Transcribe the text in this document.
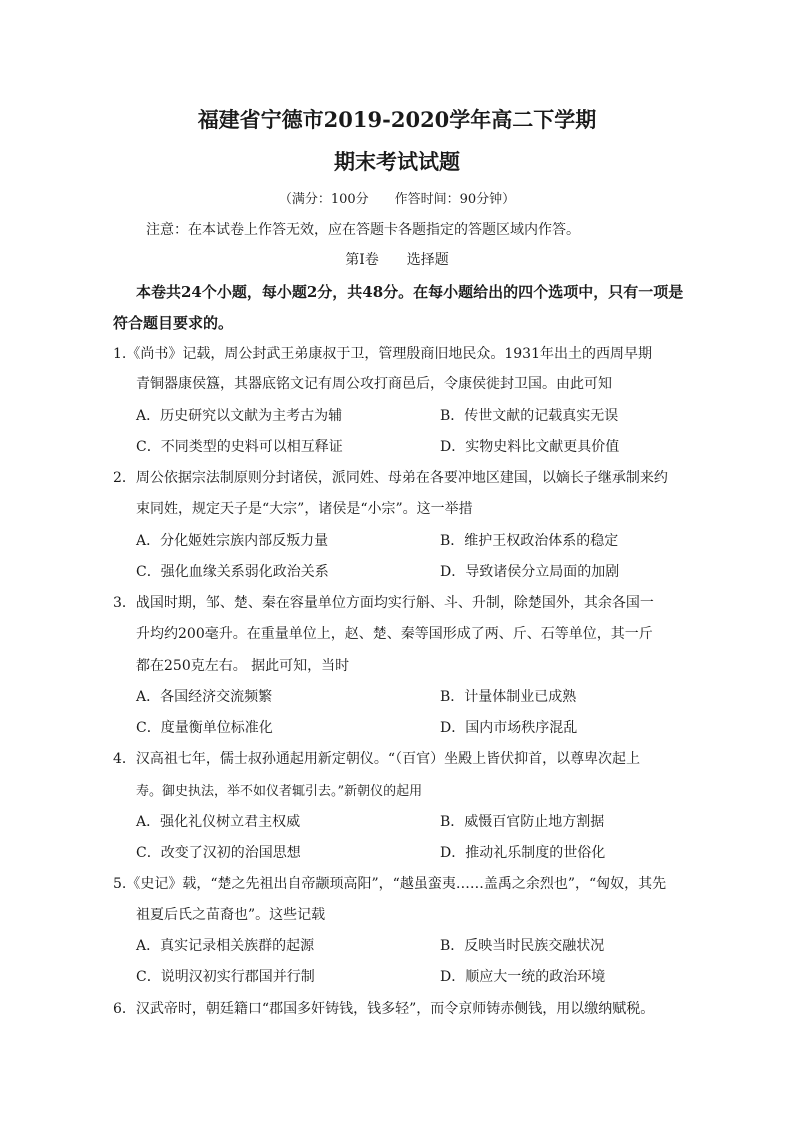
福建省宁德市2019-2020学年高二下学期
期末考试试题
（满分：100分　　作答时间：90分钟）
注意：在本试卷上作答无效，应在答题卡各题指定的答题区域内作答。
第Ⅰ卷　　选择题
本卷共24个小题，每小题2分，共48分。在每小题给出的四个选项中，只有一项是
符合题目要求的。
1.《尚书》记载，周公封武王弟康叔于卫，管理殷商旧地民众。1931年出土的西周早期
青铜器康侯簋，其器底铭文记有周公攻打商邑后，令康侯徙封卫国。由此可知
A．历史研究以文献为主考古为辅	B．传世文献的记载真实无误
C．不同类型的史料可以相互释证	D．实物史料比文献更具价值
2．周公依据宗法制原则分封诸侯，派同姓、母弟在各要冲地区建国，以嫡长子继承制来约
束同姓，规定天子是“大宗”，诸侯是“小宗”。这一举措
A．分化姬姓宗族内部反叛力量	B．维护王权政治体系的稳定
C．强化血缘关系弱化政治关系	D．导致诸侯分立局面的加剧
3．战国时期，邹、楚、秦在容量单位方面均实行斛、斗、升制，除楚国外，其余各国一
升均约200毫升。在重量单位上，赵、楚、秦等国形成了两、斤、石等单位，其一斤
都在250克左右。 据此可知，当时
A．各国经济交流频繁	B．计量体制业已成熟
C．度量衡单位标准化	D．国内市场秩序混乱
4．汉高祖七年，儒士叔孙通起用新定朝仪。“（百官）坐殿上皆伏抑首，以尊卑次起上
寿。御史执法，举不如仪者辄引去。”新朝仪的起用
A．强化礼仪树立君主权威	B．威慑百官防止地方割据
C．改变了汉初的治国思想	D．推动礼乐制度的世俗化
5.《史记》载，“楚之先祖出自帝颛顼高阳”，“越虽蛮夷……盖禹之余烈也”，“匈奴，其先
祖夏后氏之苗裔也”。这些记载
A．真实记录相关族群的起源	B．反映当时民族交融状况
C．说明汉初实行郡国并行制	D．顺应大一统的政治环境
6．汉武帝时，朝廷籍口“郡国多奸铸钱，钱多轻”，而令京师铸赤侧钱，用以缴纳赋税。
